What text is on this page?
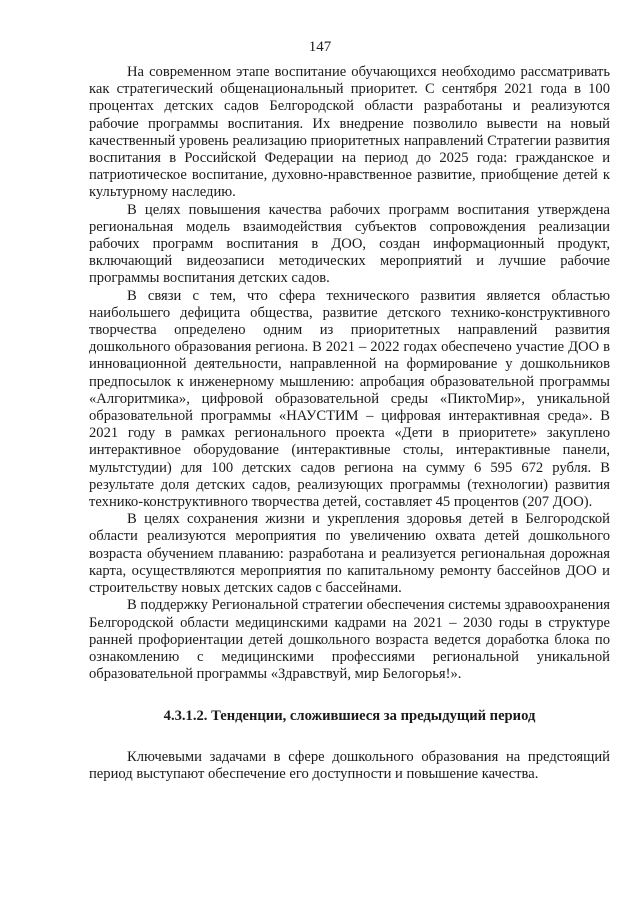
147

На современном этапе воспитание обучающихся необходимо рассматривать как стратегический общенациональный приоритет. С сентября 2021 года в 100 процентах детских садов Белгородской области разработаны и реализуются рабочие программы воспитания. Их внедрение позволило вывести на новый качественный уровень реализацию приоритетных направлений Стратегии развития воспитания в Российской Федерации на период до 2025 года: гражданское и патриотическое воспитание, духовно-нравственное развитие, приобщение детей к культурному наследию.

В целях повышения качества рабочих программ воспитания утверждена региональная модель взаимодействия субъектов сопровождения реализации рабочих программ воспитания в ДОО, создан информационный продукт, включающий видеозаписи методических мероприятий и лучшие рабочие программы воспитания детских садов.

В связи с тем, что сфера технического развития является областью наибольшего дефицита общества, развитие детского технико-конструктивного творчества определено одним из приоритетных направлений развития дошкольного образования региона. В 2021 – 2022 годах обеспечено участие ДОО в инновационной деятельности, направленной на формирование у дошкольников предпосылок к инженерному мышлению: апробация образовательной программы «Алгоритмика», цифровой образовательной среды «ПиктоМир», уникальной образовательной программы «НАУСТИМ – цифровая интерактивная среда». В 2021 году в рамках регионального проекта «Дети в приоритете» закуплено интерактивное оборудование (интерактивные столы, интерактивные панели, мультстудии) для 100 детских садов региона на сумму 6 595 672 рубля. В результате доля детских садов, реализующих программы (технологии) развития технико-конструктивного творчества детей, составляет 45 процентов (207 ДОО).

В целях сохранения жизни и укрепления здоровья детей в Белгородской области реализуются мероприятия по увеличению охвата детей дошкольного возраста обучением плаванию: разработана и реализуется региональная дорожная карта, осуществляются мероприятия по капитальному ремонту бассейнов ДОО и строительству новых детских садов с бассейнами.

В поддержку Региональной стратегии обеспечения системы здравоохранения Белгородской области медицинскими кадрами на 2021 – 2030 годы в структуре ранней профориентации детей дошкольного возраста ведется доработка блока по ознакомлению с медицинскими профессиями региональной уникальной образовательной программы «Здравствуй, мир Белогорья!».

4.3.1.2. Тенденции, сложившиеся за предыдущий период

Ключевыми задачами в сфере дошкольного образования на предстоящий период выступают обеспечение его доступности и повышение качества.
